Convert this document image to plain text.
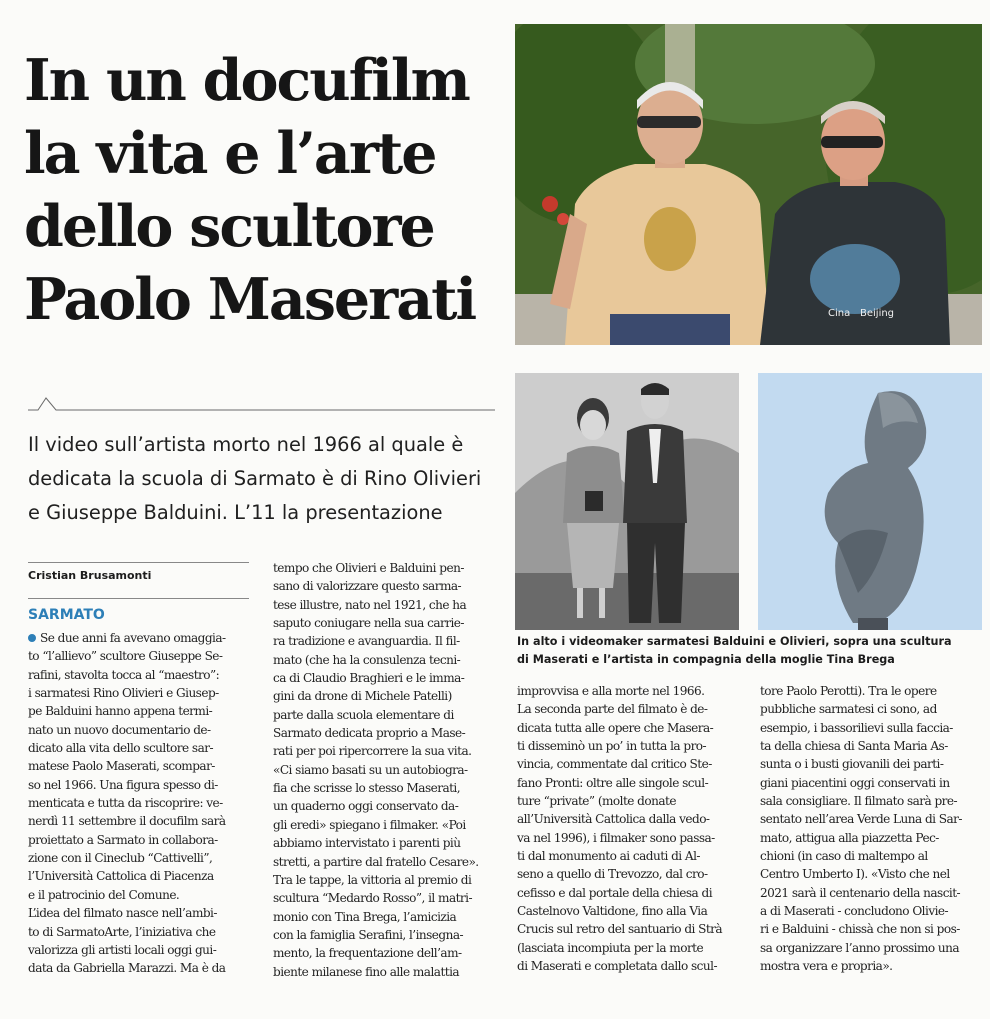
In un docufilm
la vita e l’arte
dello scultore
Paolo Maserati	Cina Beijing
Il video sull’artista morto nel 1966 al quale è
dedicata la scuola di Sarmato è di Rino Olivieri
e Giuseppe Balduini. L’11 la presentazione
In alto i videomaker sarmatesi Balduini e Olivieri, sopra una scultura
di Maserati e l’artista in compagnia della moglie Tina Brega
Cristian Brusamonti
SARMATO
Se due anni fa avevano omaggia-
to “l’allievo” scultore Giuseppe Se-
rafini, stavolta tocca al “maestro”:
i sarmatesi Rino Olivieri e Giusep-
pe Balduini hanno appena termi-
nato un nuovo documentario de-
dicato alla vita dello scultore sar-
matese Paolo Maserati, scompar-
so nel 1966. Una figura spesso di-
menticata e tutta da riscoprire: ve-
nerdì 11 settembre il docufilm sarà
proiettato a Sarmato in collabora-
zione con il Cineclub “Cattivelli”,
l’Università Cattolica di Piacenza
e il patrocinio del Comune.
L’idea del filmato nasce nell’ambi-
to di SarmatoArte, l’iniziativa che
valorizza gli artisti locali oggi gui-
data da Gabriella Marazzi. Ma è da
tempo che Olivieri e Balduini pen-
sano di valorizzare questo sarma-
tese illustre, nato nel 1921, che ha
saputo coniugare nella sua carrie-
ra tradizione e avanguardia. Il fil-
mato (che ha la consulenza tecni-
ca di Claudio Braghieri e le imma-
gini da drone di Michele Patelli)
parte dalla scuola elementare di
Sarmato dedicata proprio a Mase-
rati per poi ripercorrere la sua vita.
«Ci siamo basati su un autobiogra-
fia che scrisse lo stesso Maserati,
un quaderno oggi conservato da-
gli eredi» spiegano i filmaker. «Poi
abbiamo intervistato i parenti più
stretti, a partire dal fratello Cesare».
Tra le tappe, la vittoria al premio di
scultura “Medardo Rosso”, il matri-
monio con Tina Brega, l’amicizia
con la famiglia Serafini, l’insegna-
mento, la frequentazione dell’am-
biente milanese fino alle malattia
improvvisa e alla morte nel 1966.
La seconda parte del filmato è de-
dicata tutta alle opere che Masera-
ti disseminò un po’ in tutta la pro-
vincia, commentate dal critico Ste-
fano Pronti: oltre alle singole scul-
ture “private” (molte donate
all’Università Cattolica dalla vedo-
va nel 1996), i filmaker sono passa-
ti dal monumento ai caduti di Al-
seno a quello di Trevozzo, dal cro-
cefisso e dal portale della chiesa di
Castelnovo Valtidone, fino alla Via
Crucis sul retro del santuario di Strà
(lasciata incompiuta per la morte
di Maserati e completata dallo scul-
tore Paolo Perotti). Tra le opere
pubbliche sarmatesi ci sono, ad
esempio, i bassorilievi sulla faccia-
ta della chiesa di Santa Maria As-
sunta o i busti giovanili dei parti-
giani piacentini oggi conservati in
sala consigliare. Il filmato sarà pre-
sentato nell’area Verde Luna di Sar-
mato, attigua alla piazzetta Pec-
chioni (in caso di maltempo al
Centro Umberto I). «Visto che nel
2021 sarà il centenario della nascit-
a di Maserati - concludono Olivie-
ri e Balduini - chissà che non si pos-
sa organizzare l’anno prossimo una
mostra vera e propria».
